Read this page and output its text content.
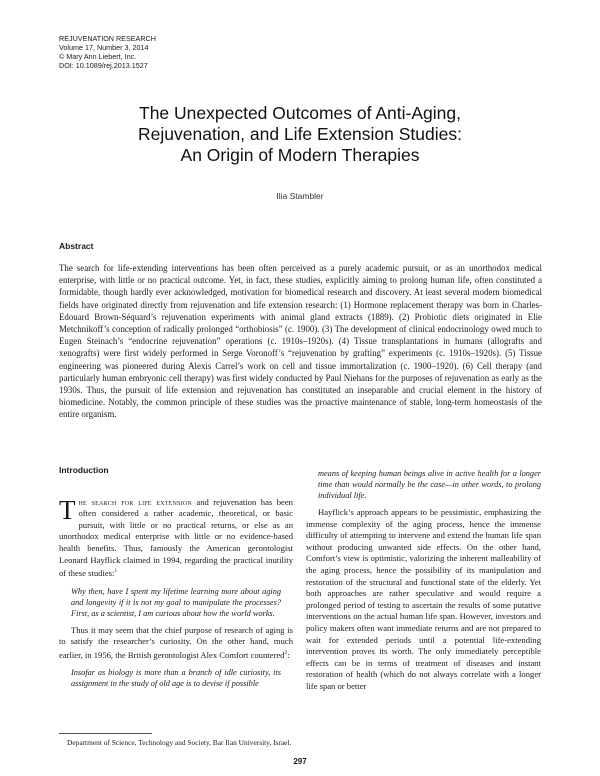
REJUVENATION RESEARCH
Volume 17, Number 3, 2014
© Mary Ann Liebert, Inc.
DOI: 10.1089/rej.2013.1527
The Unexpected Outcomes of Anti-Aging,
Rejuvenation, and Life Extension Studies:
An Origin of Modern Therapies
Ilia Stambler
Abstract

The search for life-extending interventions has been often perceived as a purely academic pursuit, or as an unorthodox medical enterprise, with little or no practical outcome. Yet, in fact, these studies, explicitly aiming to prolong human life, often constituted a formidable, though hardly ever acknowledged, motivation for biomedical research and discovery. At least several modern biomedical fields have originated directly from rejuvenation and life extension research: (1) Hormone replacement therapy was born in Charles-Edouard Brown-Séquard’s rejuvenation experiments with animal gland extracts (1889). (2) Probiotic diets originated in Elie Metchnikoff’s conception of radically prolonged “orthobiosis” (c. 1900). (3) The development of clinical endocrinology owed much to Eugen Steinach’s “endocrine rejuvenation” operations (c. 1910s–1920s). (4) Tissue transplantations in humans (allografts and xenografts) were first widely performed in Serge Voronoff’s “rejuvenation by grafting” experiments (c. 1910s–1920s). (5) Tissue engineering was pioneered during Alexis Carrel’s work on cell and tissue immortalization (c. 1900–1920). (6) Cell therapy (and particularly human embryonic cell therapy) was first widely conducted by Paul Niehans for the purposes of rejuvenation as early as the 1930s. Thus, the pursuit of life extension and rejuvenation has constituted an inseparable and crucial element in the history of biomedicine. Notably, the common principle of these studies was the proactive maintenance of stable, long-term homeostasis of the entire organism.

Introduction

The search for life extension and rejuvenation has been often considered a rather academic, theoretical, or basic pursuit, with little or no practical returns, or else as an unorthodox medical enterprise with little or no evidence-based health benefits. Thus, famously the American gerontologist Leonard Hayflick claimed in 1994, regarding the practical inutility of these studies:$^1$

Why then, have I spent my lifetime learning more about aging and longevity if it is not my goal to manipulate the processes? First, as a scientist, I am curious about how the world works.

Thus it may seem that the chief purpose of research of aging is to satisfy the researcher’s curiosity. On the other hand, much earlier, in 1956, the British gerontologist Alex Comfort countered$^2$:

Insofar as biology is more than a branch of idle curiosity, its assignment in the study of old age is to devise if possible

means of keeping human beings alive in active health for a longer time than would normally be the case—in other words, to prolong individual life.

Hayflick’s approach appears to be pessimistic, emphasizing the immense complexity of the aging process, hence the immense difficulty of attempting to intervene and extend the human life span without producing unwanted side effects. On the other hand, Comfort’s view is optimistic, valorizing the inherent malleability of the aging process, hence the possibility of its manipulation and restoration of the structural and functional state of the elderly. Yet both approaches are rather speculative and would require a prolonged period of testing to ascertain the results of some putative interventions on the actual human life span. However, investors and policy makers often want immediate returns and are not prepared to wait for extended periods until a potential life-extending intervention proves its worth. The only immediately perceptible effects can be in terms of treatment of diseases and instant restoration of health (which do not always correlate with a longer life span or better

Department of Science, Technology and Society, Bar Ilan University, Israel.
297
